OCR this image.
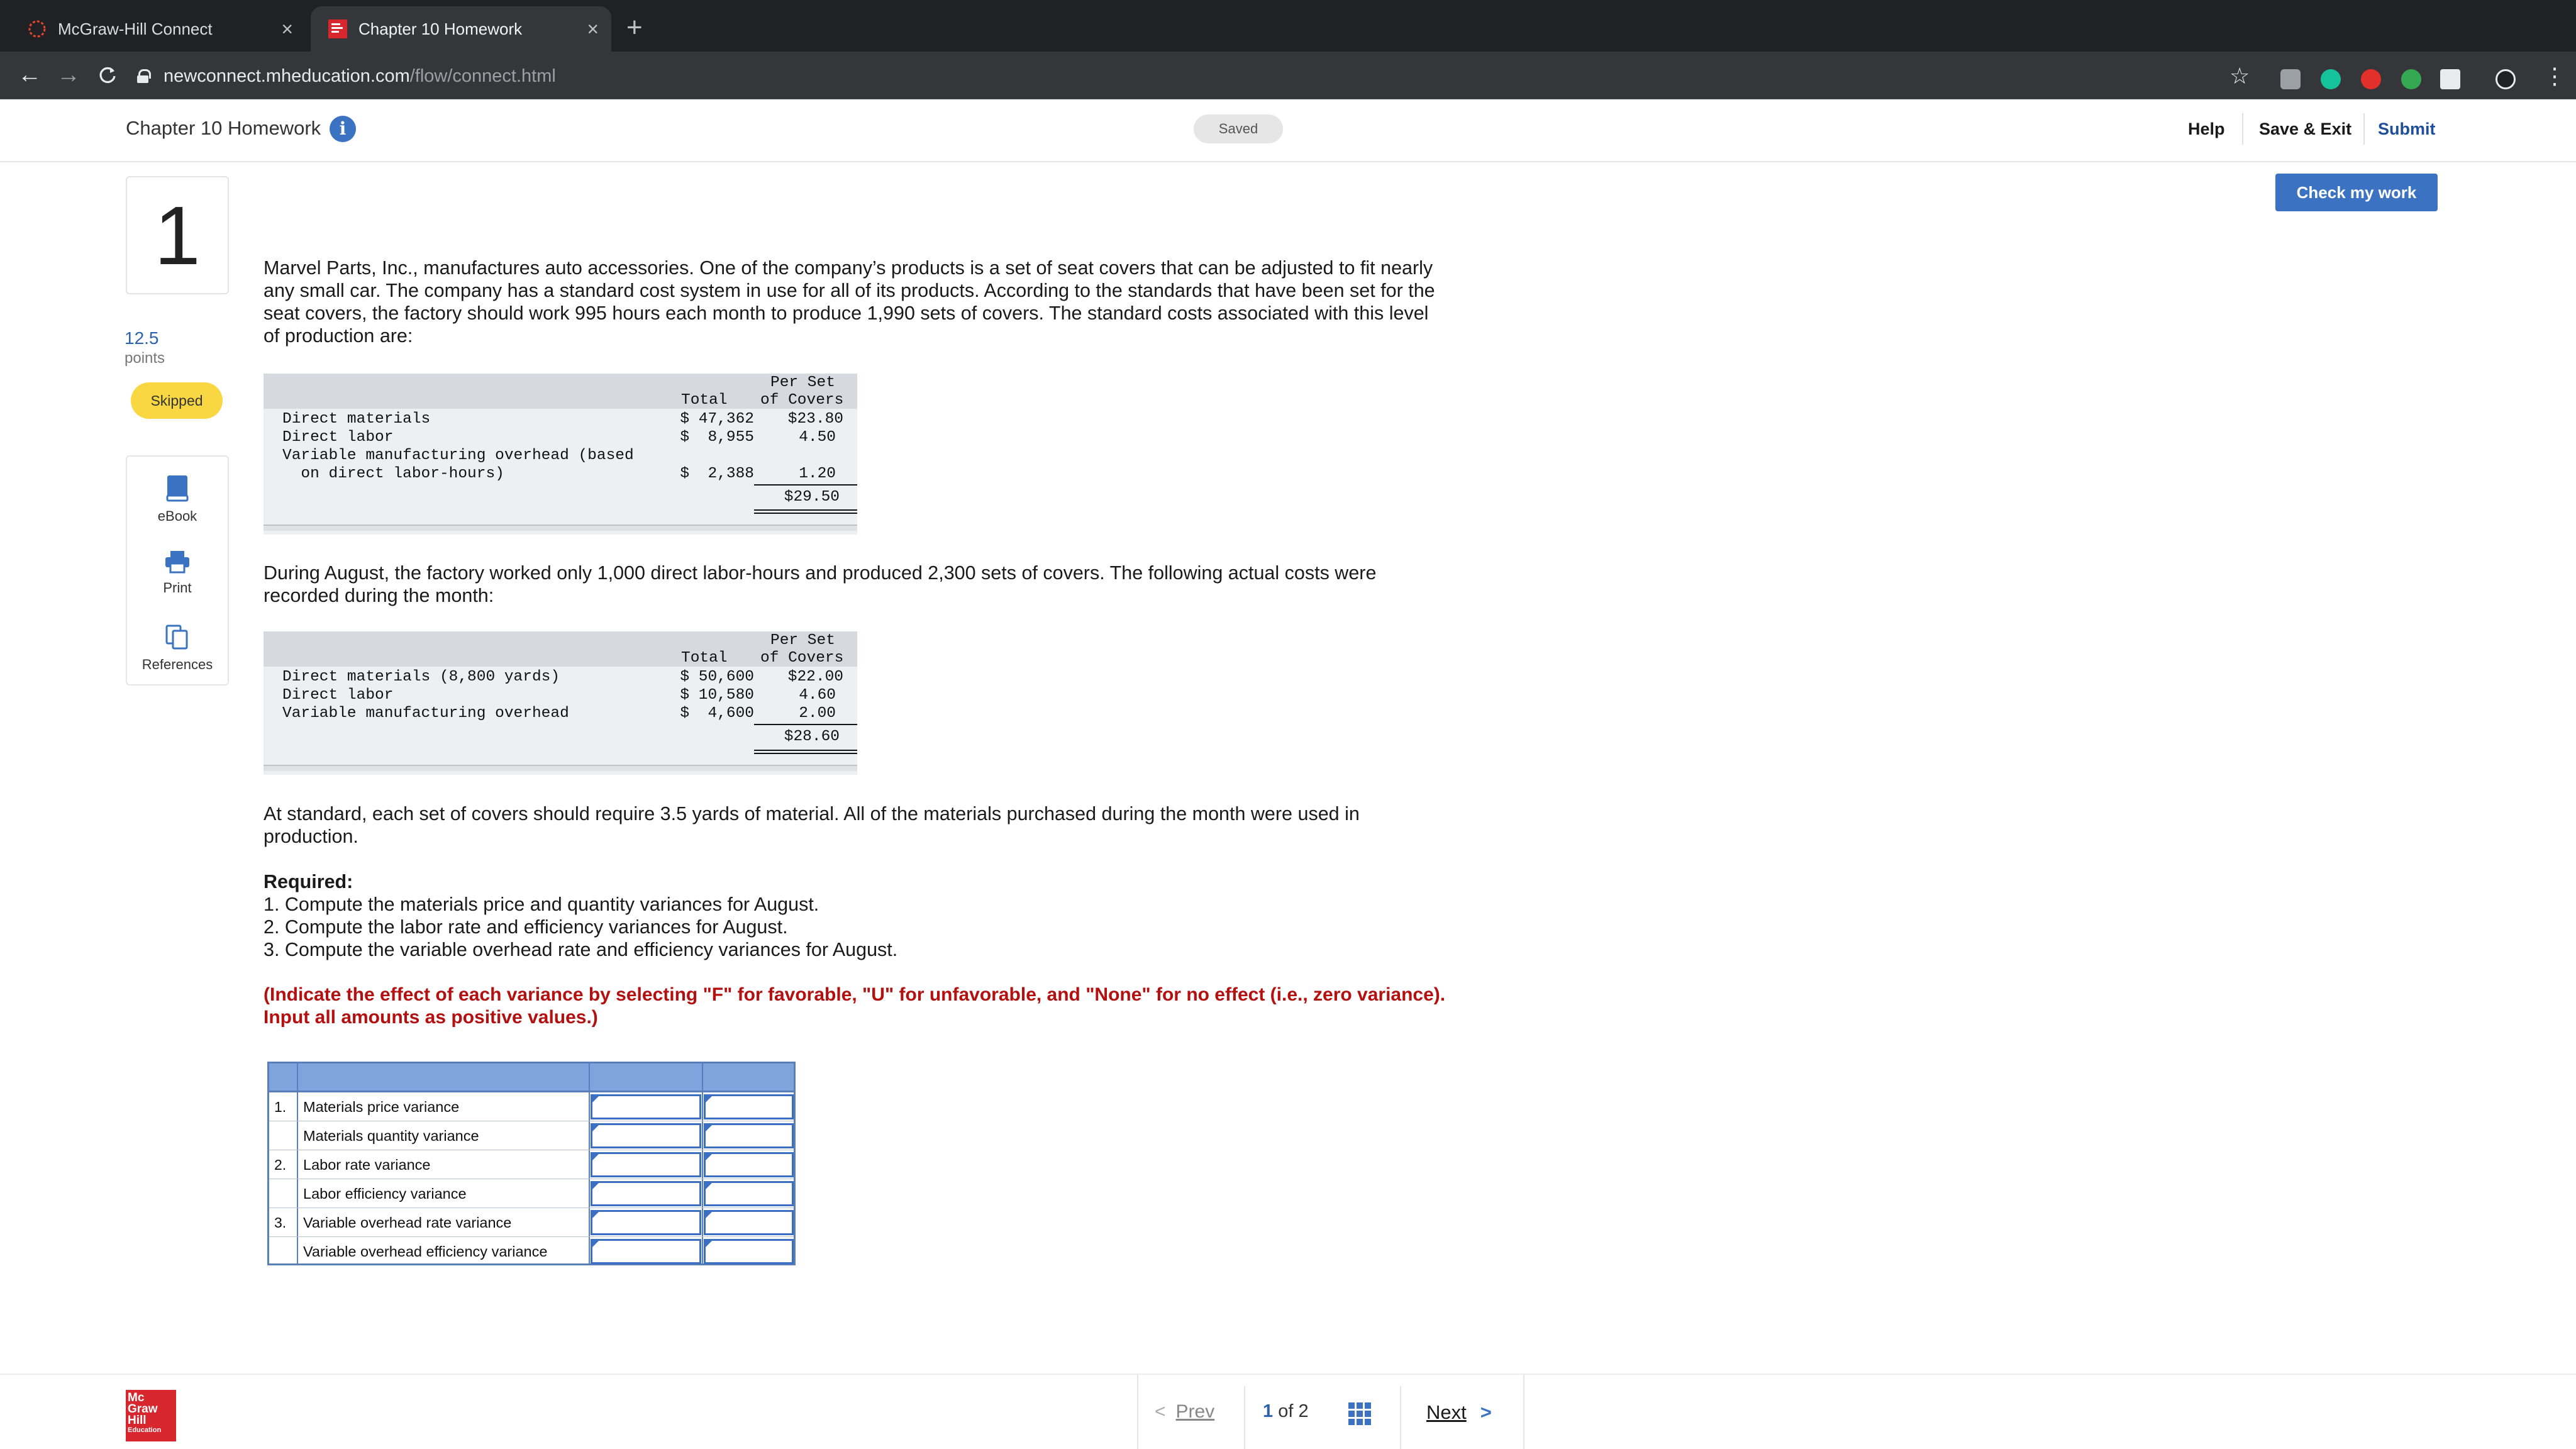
McGraw-Hill Connect	×	Chapter 10 Homework	× +
← →	newconnect.mheducation.com /flow/connect.html	☆	⋮
Chapter 10 Homework	i	Saved	Help Save & Exit Submit
Check my work
1
12.5
points
Skipped
eBook
Print
References
Marvel Parts, Inc., manufactures auto accessories. One of the company’s products is a set of seat covers that can be adjusted to fit nearly any small car. The company has a standard cost system in use for all of its products. According to the standards that have been set for the seat covers, the factory should work 995 hours each month to produce 1,990 sets of covers. The standard costs associated with this level of production are:
Total
Per Set
of Covers
Direct materials	$ 47,362	$23.80
Direct labor	$  8,955	4.50
Variable manufacturing overhead (based
on direct labor-hours)	$  2,388	1.20
$29.50
During August, the factory worked only 1,000 direct labor-hours and produced 2,300 sets of covers. The following actual costs were recorded during the month:
Total
Per Set
of Covers
Direct materials (8,800 yards)	$ 50,600	$22.00
Direct labor	$ 10,580	4.60
Variable manufacturing overhead	$  4,600	2.00
$28.60
At standard, each set of covers should require 3.5 yards of material. All of the materials purchased during the month were used in production.
Required:
1. Compute the materials price and quantity variances for August.
2. Compute the labor rate and efficiency variances for August.
3. Compute the variable overhead rate and efficiency variances for August.
(Indicate the effect of each variance by selecting "F" for favorable, "U" for unfavorable, and "None" for no effect (i.e., zero variance). Input all amounts as positive values.)
1. Materials price variance
Materials quantity variance
2. Labor rate variance
Labor efficiency variance
3. Variable overhead rate variance
Variable overhead efficiency variance
Mc
Graw
Hill
Education
< Prev	1 of 2	Next >
